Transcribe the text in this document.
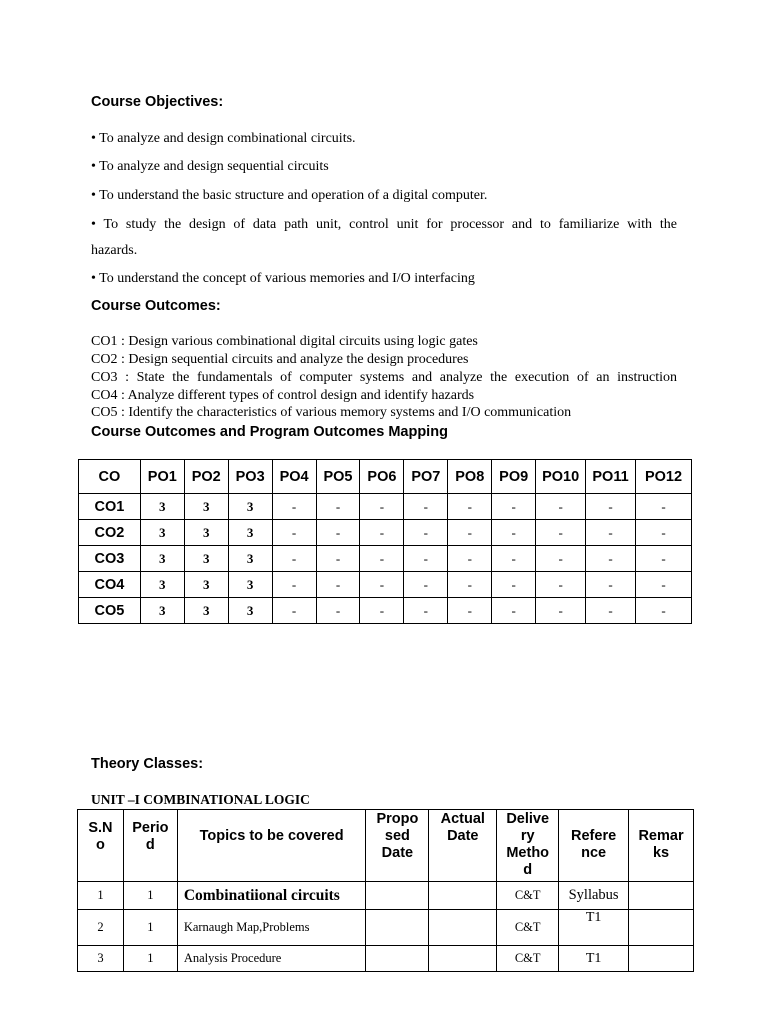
Course Objectives:
• To analyze and design combinational circuits.
• To analyze and design sequential circuits
• To understand the basic structure and operation of a digital computer.
• To study the design of data path unit, control unit for processor and to familiarize with the
hazards.
• To understand the concept of various memories and I/O interfacing
Course Outcomes:
CO1 : Design various combinational digital circuits using logic gates
CO2 : Design sequential circuits and analyze the design procedures
CO3 : State the fundamentals of computer systems and analyze the execution of an instruction
CO4 : Analyze different types of control design and identify hazards
CO5 : Identify the characteristics of various memory systems and I/O communication
Course Outcomes and Program Outcomes Mapping
CO	PO1	PO2	PO3	PO4	PO5	PO6	PO7	PO8	PO9	PO10	PO11	PO12
CO1	3	3	3	-	-	-	-	-	-	-	-	-
CO2	3	3	3	-	-	-	-	-	-	-	-	-
CO3	3	3	3	-	-	-	-	-	-	-	-	-
CO4	3	3	3	-	-	-	-	-	-	-	-	-
CO5	3	3	3	-	-	-	-	-	-	-	-	-
Theory Classes:
UNIT –I COMBINATIONAL LOGIC
S.N
o	Perio
d	Topics to be covered	Propo
sed
Date	Actual
Date	Delive
ry
Metho
d	Refere
nce	Remar
ks
1	1	Combinatiional circuits			C&T	Syllabus	
2	1	Karnaugh Map,Problems			C&T	T1	
3	1	Analysis Procedure			C&T	T1	
